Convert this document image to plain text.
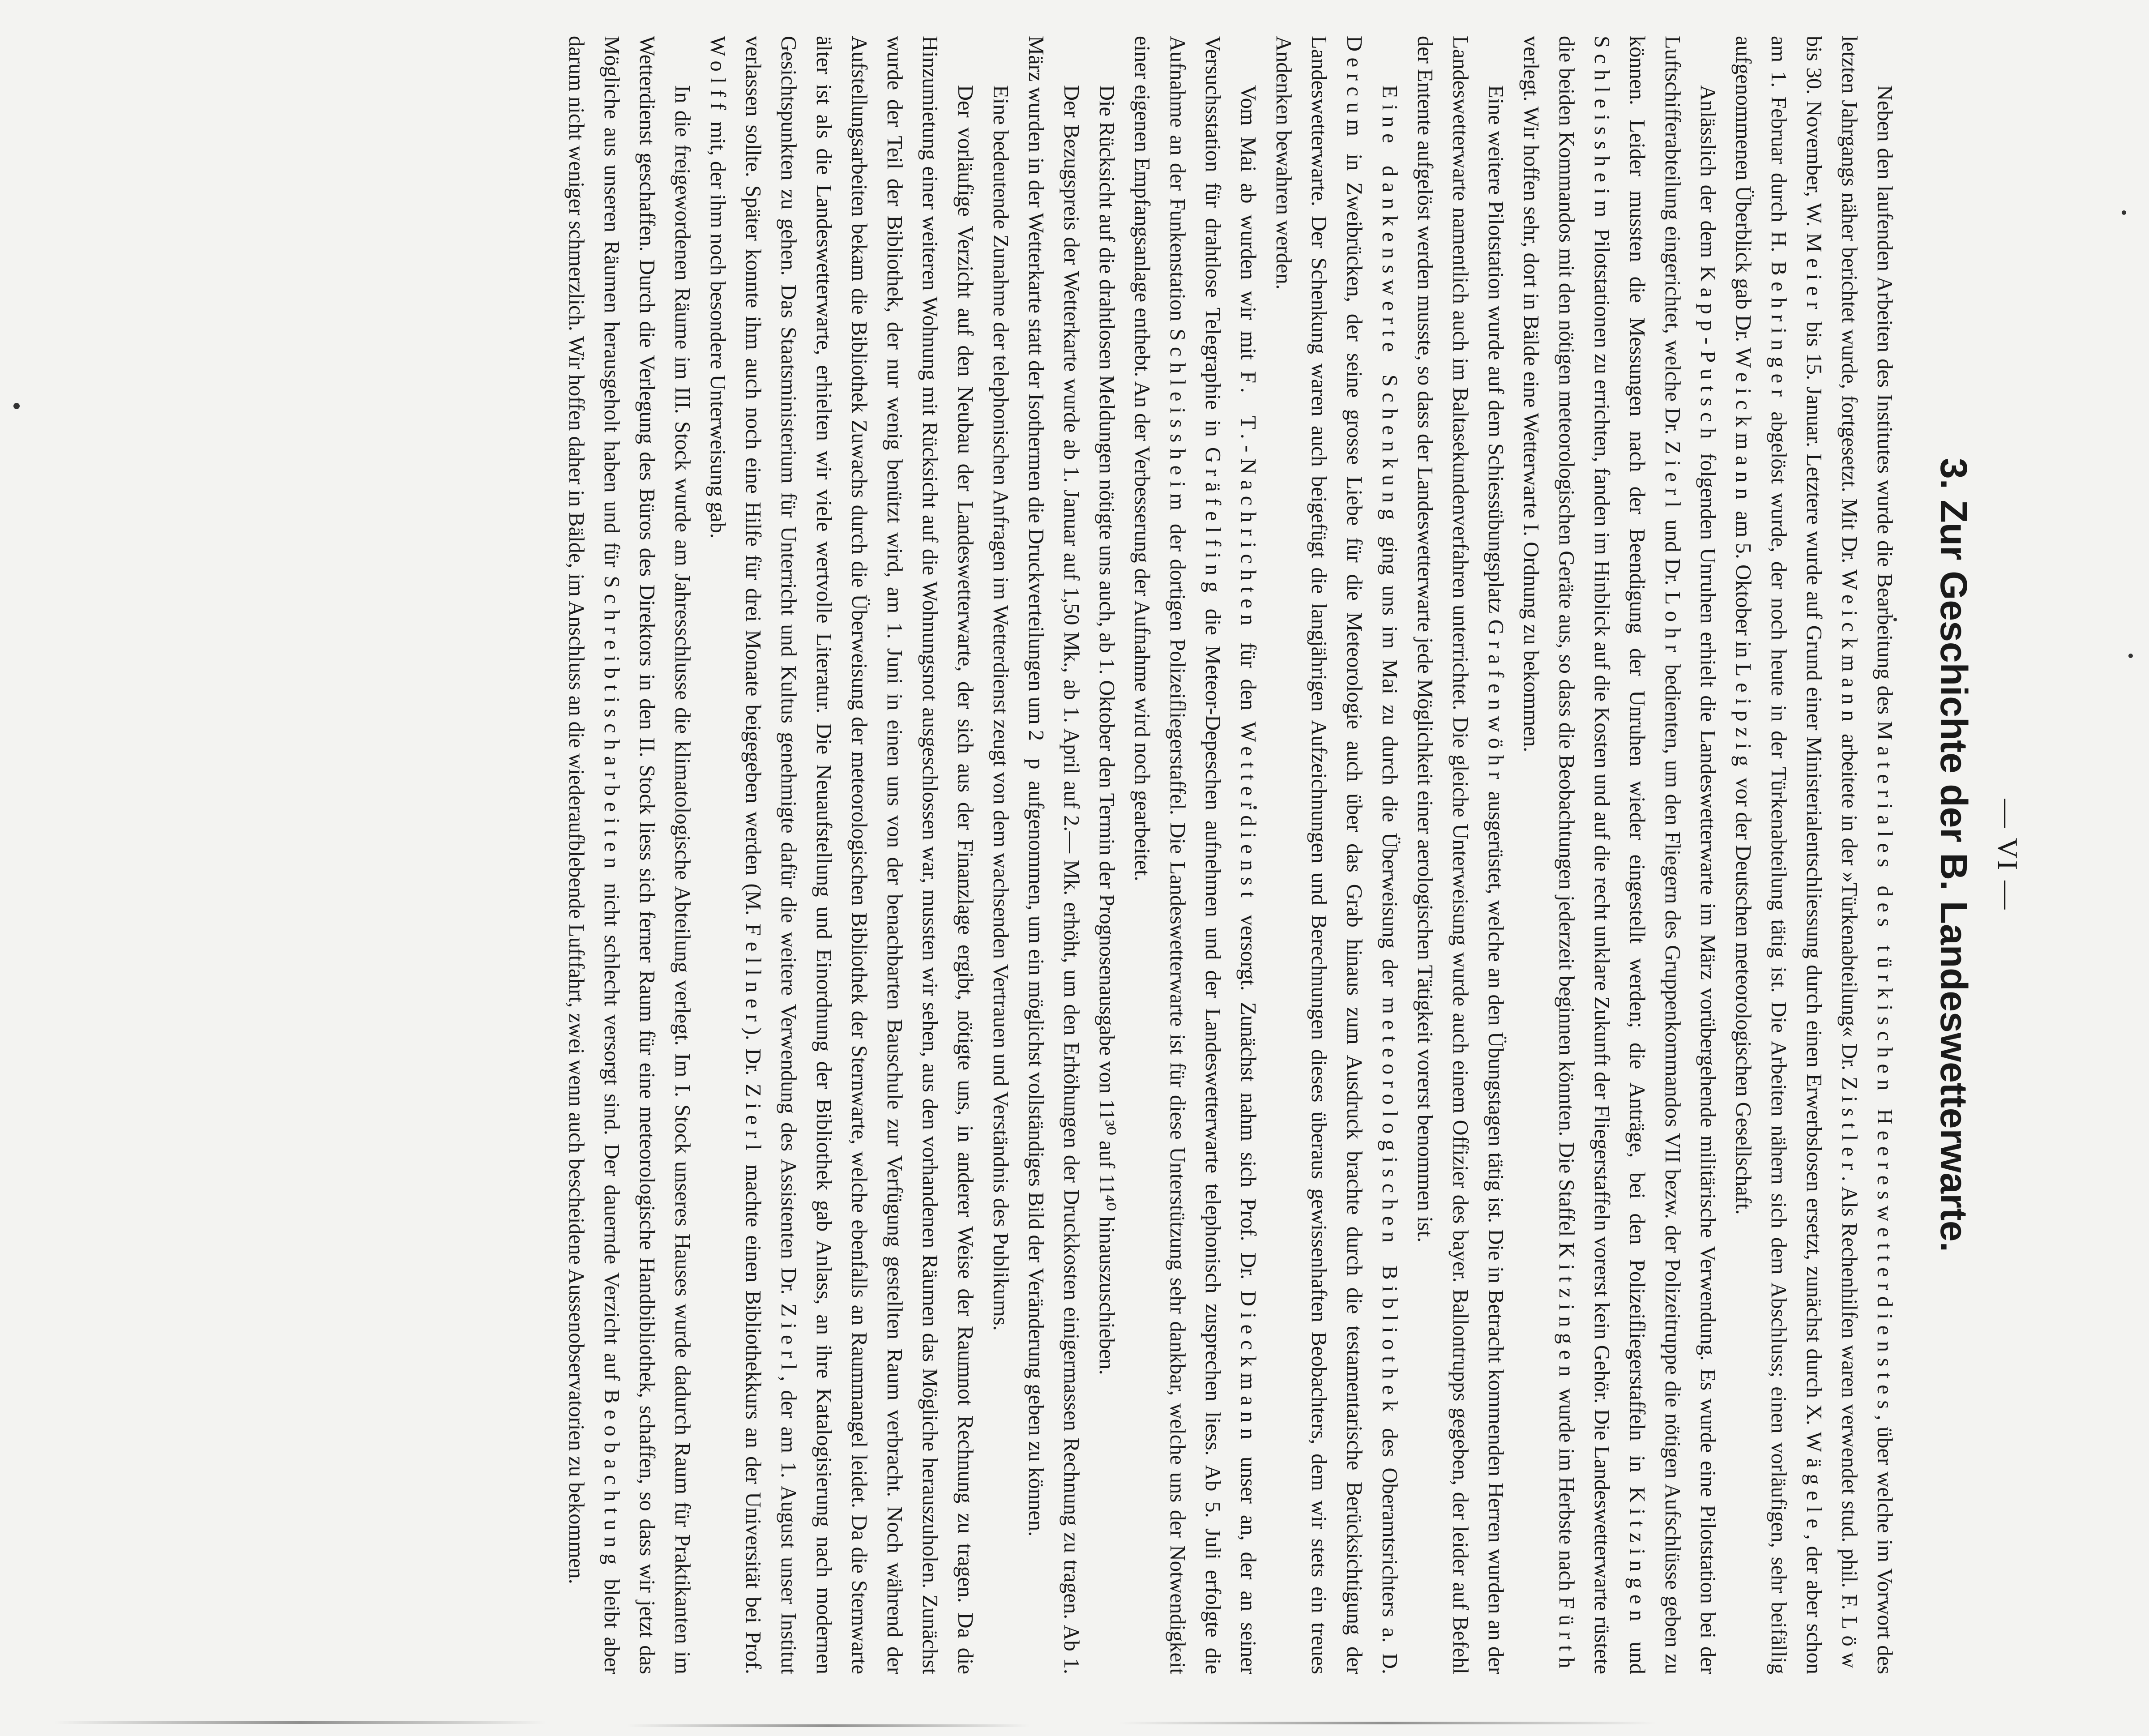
— VI —
3. Zur Geschichte der B. Landeswetterwarte.

Neben den laufenden Arbeiten des Institutes wurde die Bearbeitung des Materiales des türkischen Heereswetterdienstes, über welche im Vorwort des letzten Jahrgangs näher berichtet wurde, fortgesetzt. Mit Dr. Weickmann arbeitete in der »Türkenabteilung« Dr. Zistler. Als Rechenhilfen waren verwendet stud. phil. F. Löw bis 30. November, W. Meier bis 15. Januar. Letztere wurde auf Grund einer Ministerialentschliessung durch einen Erwerbslosen ersetzt, zunächst durch X. Wägele, der aber schon am 1. Februar durch H. Behringer abgelöst wurde, der noch heute in der Türkenabteilung tätig ist. Die Arbeiten nähern sich dem Abschluss; einen vorläufigen, sehr beifällig aufgenommenen Überblick gab Dr. Weickmann am 5. Oktober in Leipzig vor der Deutschen meteorologischen Gesellschaft.

Anlässlich der dem Kapp-Putsch folgenden Unruhen erhielt die Landeswetterwarte im März vorübergehende militärische Verwendung. Es wurde eine Pilotstation bei der Luftschifferabteilung eingerichtet, welche Dr. Zierl und Dr. Lohr bedienten, um den Fliegern des Gruppenkommandos VII bezw. der Polizeitruppe die nötigen Aufschlüsse geben zu können. Leider mussten die Messungen nach der Beendigung der Unruhen wieder eingestellt werden; die Anträge, bei den Polizeifliegerstaffeln in Kitzingen und Schleissheim Pilotstationen zu errichten, fanden im Hinblick auf die Kosten und auf die recht unklare Zukunft der Fliegerstaffeln vorerst kein Gehör. Die Landeswetterwarte rüstete die beiden Kommandos mit den nötigen meteorologischen Geräte aus, so dass die Beobachtungen jederzeit beginnen könnten. Die Staffel Kitzingen wurde im Herbste nach Fürth verlegt. Wir hoffen sehr, dort in Bälde eine Wetterwarte I. Ordnung zu bekommen.

Eine weitere Pilotstation wurde auf dem Schiessübungsplatz Grafenwöhr ausgerüstet, welche an den Übungstagen tätig ist. Die in Betracht kommenden Herren wurden an der Landeswetterwarte namentlich auch im Baltasekundenverfahren unterrichtet. Die gleiche Unterweisung wurde auch einem Offizier des bayer. Ballontrupps gegeben, der leider auf Befehl der Entente aufgelöst werden musste, so dass der Landeswetterwarte jede Möglichkeit einer aerologischen Tätigkeit vorerst benommen ist.

Eine dankenswerte Schenkung ging uns im Mai zu durch die Überweisung der meteorologischen Bibliothek des Oberamtsrichters a. D. Dercum in Zweibrücken, der seine grosse Liebe für die Meteorologie auch über das Grab hinaus zum Ausdruck brachte durch die testamentarische Berücksichtigung der Landeswetterwarte. Der Schenkung waren auch beigefügt die langjährigen Aufzeichnungen und Berechnungen dieses überaus gewissenhaften Beobachters, dem wir stets ein treues Andenken bewahren werden.

Vom Mai ab wurden wir mit F. T.-Nachrichten für den Wetterdienst versorgt. Zunächst nahm sich Prof. Dr. Dieckmann unser an, der an seiner Versuchsstation für drahtlose Telegraphie in Gräfelfing die Meteor-Depeschen aufnehmen und der Landeswetterwarte telephonisch zusprechen liess. Ab 5. Juli erfolgte die Aufnahme an der Funkenstation Schleissheim der dortigen Polizeifliegerstaffel. Die Landeswetterwarte ist für diese Unterstützung sehr dankbar, welche uns der Notwendigkeit einer eigenen Empfangsanlage enthebt. An der Verbesserung der Aufnahme wird noch gearbeitet.

Die Rücksicht auf die drahtlosen Meldungen nötigte uns auch, ab 1. Oktober den Termin der Prognosenausgabe von 11³⁰ auf 11⁴⁰ hinauszuschieben.

Der Bezugspreis der Wetterkarte wurde ab 1. Januar auf 1,50 Mk., ab 1. April auf 2.— Mk. erhöht, um den Erhöhungen der Druckkosten einigermassen Rechnung zu tragen. Ab 1. März wurden in der Wetterkarte statt der Isothermen die Druckverteilungen um 2 p aufgenommen, um ein möglichst vollständiges Bild der Veränderung geben zu können.

Eine bedeutende Zunahme der telephonischen Anfragen im Wetterdienst zeugt von dem wachsenden Vertrauen und Verständnis des Publikums.

Der vorläufige Verzicht auf den Neubau der Landeswetterwarte, der sich aus der Finanzlage ergibt, nötigte uns, in anderer Weise der Raumnot Rechnung zu tragen. Da die Hinzumietung einer weiteren Wohnung mit Rücksicht auf die Wohnungsnot ausgeschlossen war, mussten wir sehen, aus den vorhandenen Räumen das Mögliche herauszuholen. Zunächst wurde der Teil der Bibliothek, der nur wenig benützt wird, am 1. Juni in einen uns von der benachbarten Bauschule zur Verfügung gestellten Raum verbracht. Noch während der Aufstellungsarbeiten bekam die Bibliothek Zuwachs durch die Überweisung der meteorologischen Bibliothek der Sternwarte, welche ebenfalls an Raummangel leidet. Da die Sternwarte älter ist als die Landeswetterwarte, erhielten wir viele wertvolle Literatur. Die Neuaufstellung und Einordnung der Bibliothek gab Anlass, an ihre Katalogisierung nach modernen Gesichtspunkten zu gehen. Das Staatsministerium für Unterricht und Kultus genehmigte dafür die weitere Verwendung des Assistenten Dr. Zierl, der am 1. August unser Institut verlassen sollte. Später konnte ihm auch noch eine Hilfe für drei Monate beigegeben werden (M. Fellner). Dr. Zierl machte einen Bibliothekkurs an der Universität bei Prof. Wolff mit, der ihm noch besondere Unterweisung gab.

In die freigewordenen Räume im III. Stock wurde am Jahresschlusse die klimatologische Abteilung verlegt. Im I. Stock unseres Hauses wurde dadurch Raum für Praktikanten im Wetterdienst geschaffen. Durch die Verlegung des Büros des Direktors in den II. Stock liess sich ferner Raum für eine meteorologische Handbibliothek, schaffen, so dass wir jetzt das Mögliche aus unseren Räumen herausgeholt haben und für Schreibtischarbeiten nicht schlecht versorgt sind. Der dauernde Verzicht auf Beobachtung bleibt aber darum nicht weniger schmerzlich. Wir hoffen daher in Bälde, im Anschluss an die wiederaufblebende Luftfahrt, zwei wenn auch bescheidene Aussenobservatorien zu bekommen.
